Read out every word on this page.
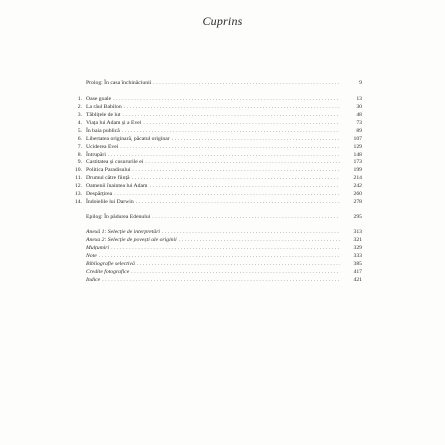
Cuprins
Prolog: În casa închinăciunii .....	9
1. Oase goale .....	13
2. La râul Babilon .....	30
3. Tăblițele de lut .....	48
4. Viața lui Adam și a Evei .....	73
5. În baia publică .....	89
6. Libertatea originară, păcatul originar .....	107
7. Uciderea Evei .....	129
8. Întrupări .....	148
9. Castitatea și cusururile ei .....	173
10. Politica Paradisului .....	199
11. Drumul către ființă .....	214
12. Oamenii înaintea lui Adam .....	242
13. Despărțirea .....	260
14. Îndoielile lui Darwin .....	278
Epilog: În pădurea Edenului .....	295
Anexă 1: Selecție de interpretări .....	313
Anexa 2: Selecție de povești ale originii .....	321
Mulțumiri .....	329
Note .....	333
Bibliografie selectivă .....	385
Credite fotografice .....	417
Indice .....	421
